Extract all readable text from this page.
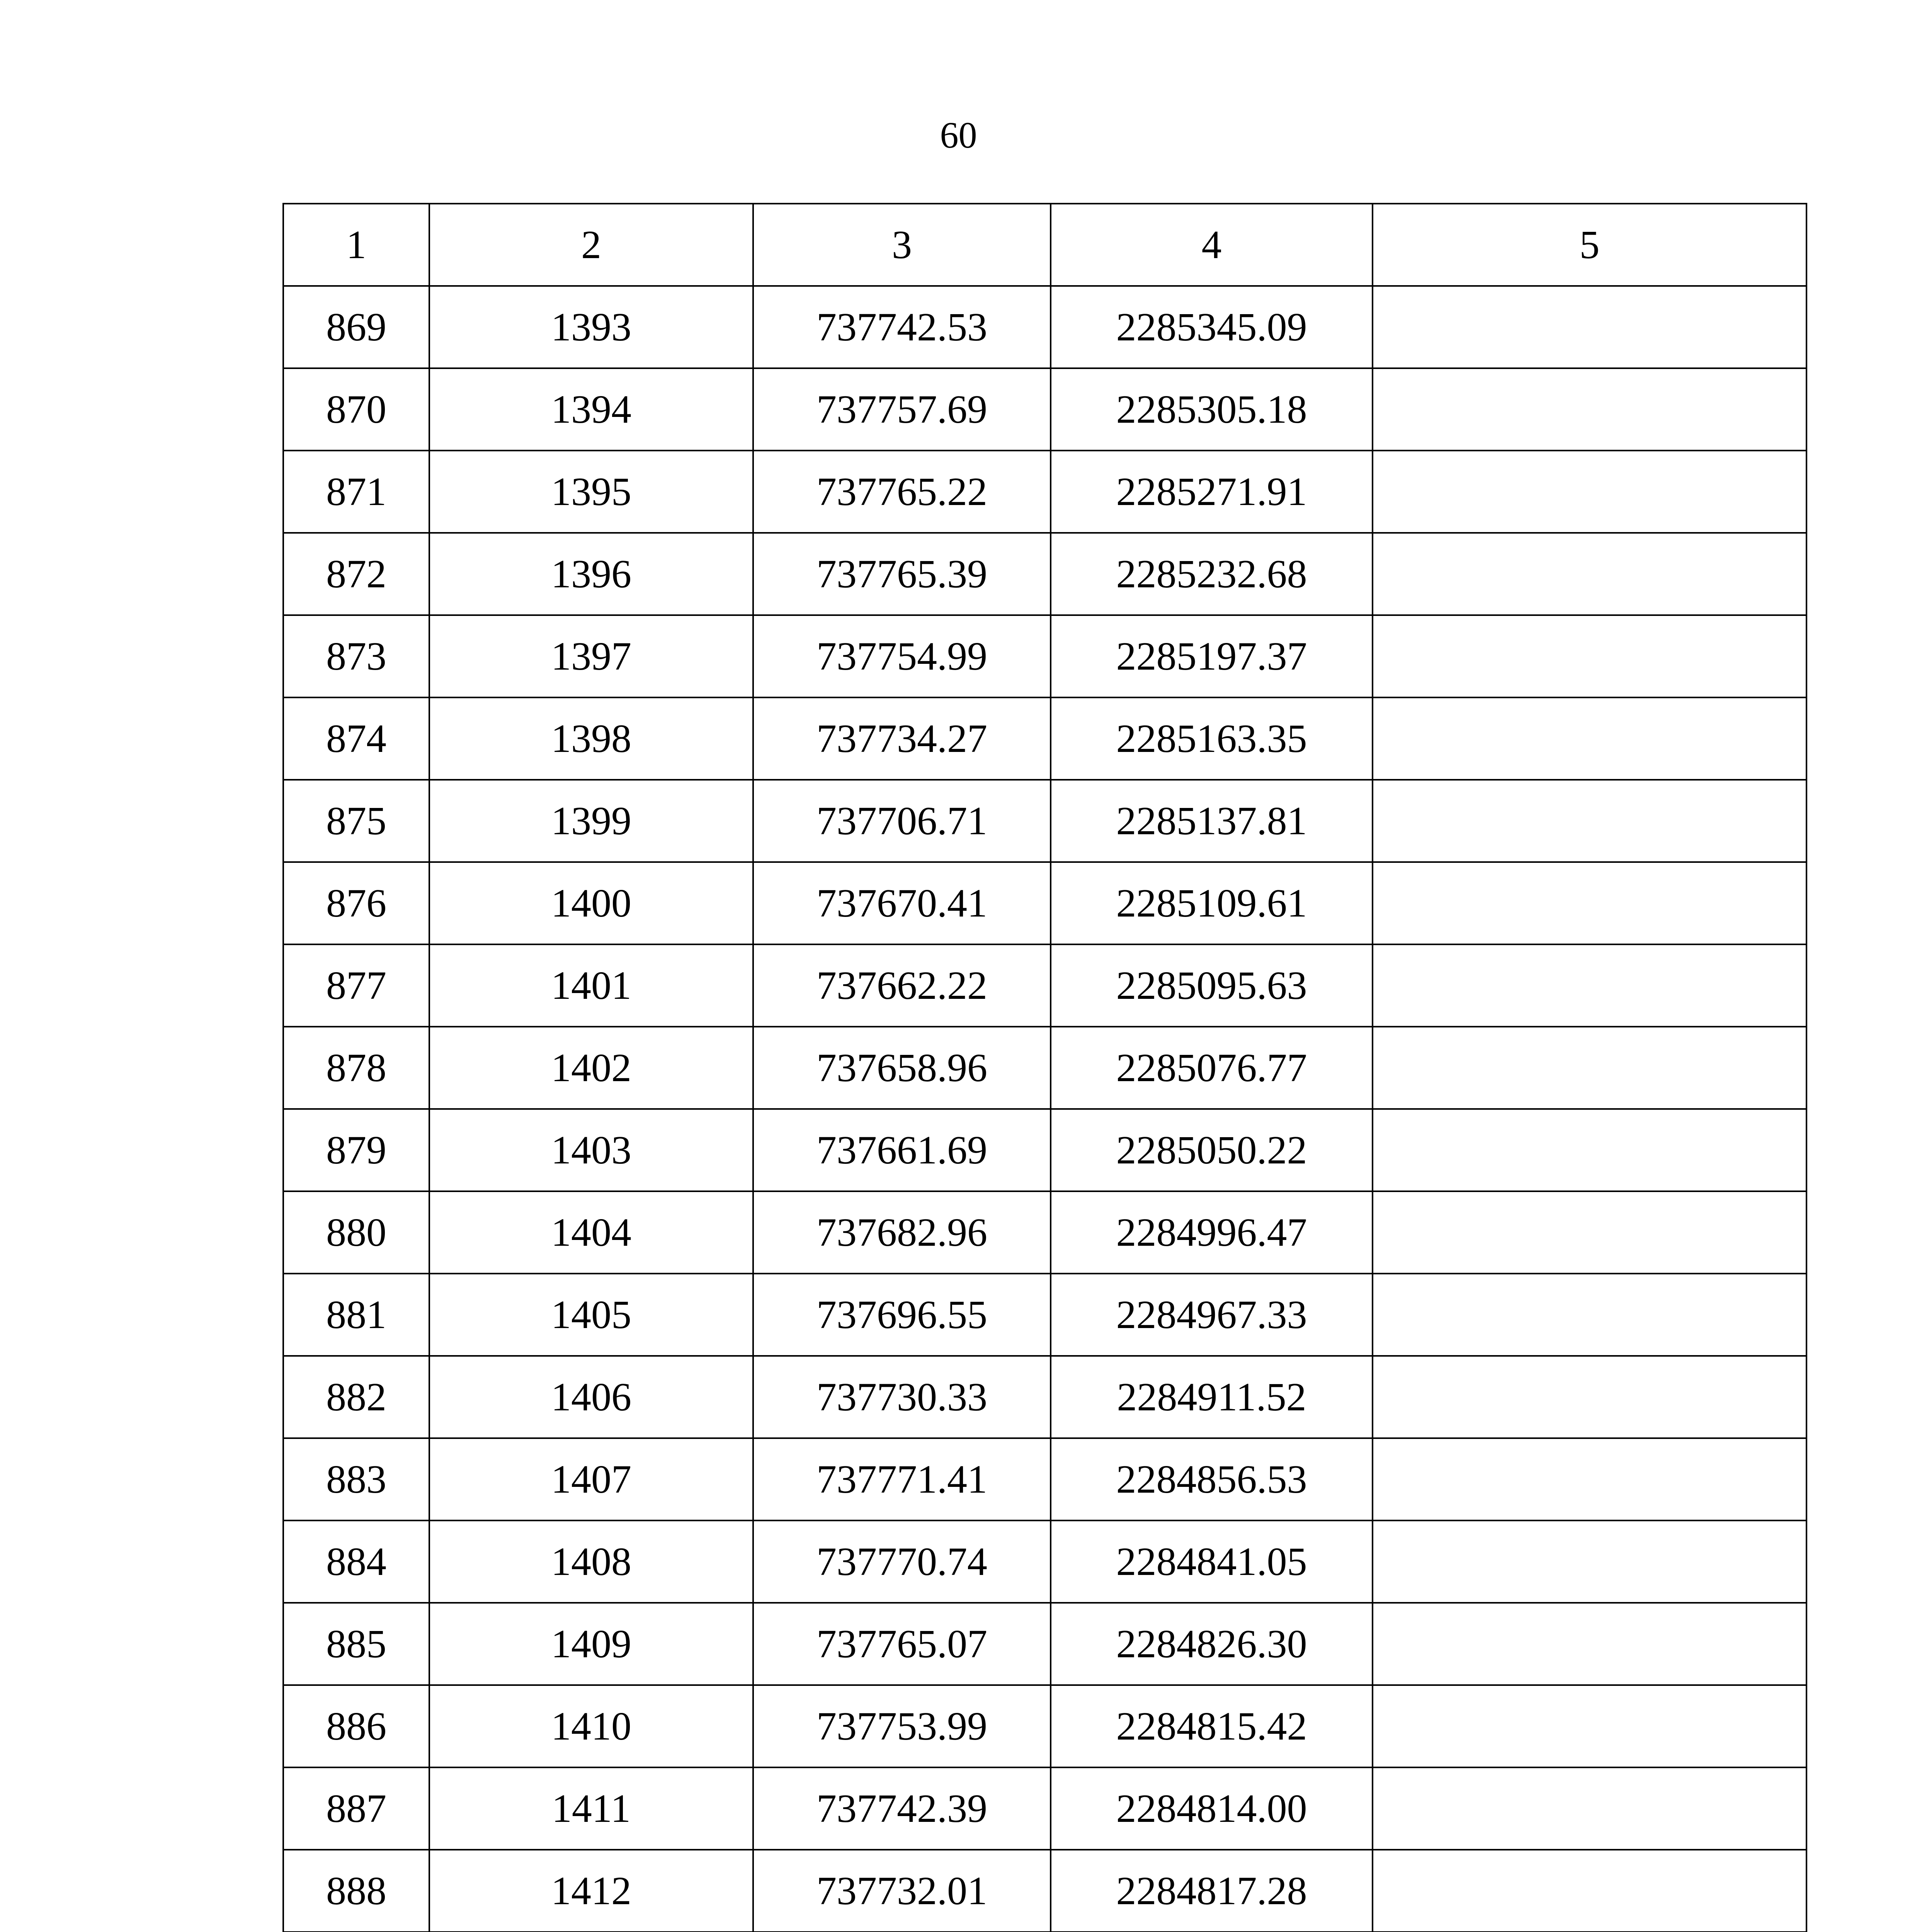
60
1	2	3	4	5
869	1393	737742.53	2285345.09	
870	1394	737757.69	2285305.18	
871	1395	737765.22	2285271.91	
872	1396	737765.39	2285232.68	
873	1397	737754.99	2285197.37	
874	1398	737734.27	2285163.35	
875	1399	737706.71	2285137.81	
876	1400	737670.41	2285109.61	
877	1401	737662.22	2285095.63	
878	1402	737658.96	2285076.77	
879	1403	737661.69	2285050.22	
880	1404	737682.96	2284996.47	
881	1405	737696.55	2284967.33	
882	1406	737730.33	2284911.52	
883	1407	737771.41	2284856.53	
884	1408	737770.74	2284841.05	
885	1409	737765.07	2284826.30	
886	1410	737753.99	2284815.42	
887	1411	737742.39	2284814.00	
888	1412	737732.01	2284817.28	
